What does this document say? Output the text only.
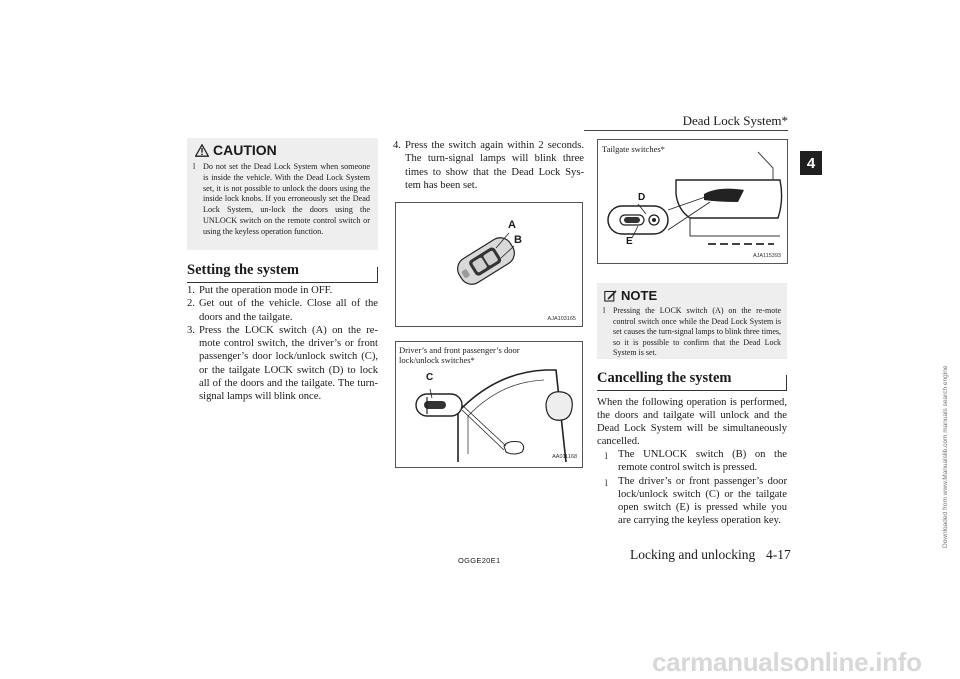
Dead Lock System*
4
CAUTION
l Do not set the Dead Lock System when someone is inside the vehicle. With the Dead Lock System set, it is not possible to unlock the doors using the inside lock knobs. If you erroneously set the Dead Lock System, un-lock the doors using the UNLOCK switch on the remote control switch or using the keyless operation function.
Setting the system
1. Put the operation mode in OFF.
2. Get out of the vehicle. Close all of the doors and the tailgate.
3. Press the LOCK switch (A) on the re-mote control switch, the driver’s or front passenger’s door lock/unlock switch (C), or the tailgate LOCK switch (D) to lock all of the doors and the tailgate. The turn-signal lamps will blink once.
4. Press the switch again within 2 seconds. The turn-signal lamps will blink three times to show that the Dead Lock Sys-tem has been set.
A
B
AJA103165
Driver’s and front passenger’s door lock/unlock switches*
C
AA011168
Tailgate switches*
D
E
AJA115393
NOTE
l Pressing the LOCK switch (A) on the re-mote control switch once while the Dead Lock System is set causes the turn-signal lamps to blink three times, so it is possible to confirm that the Dead Lock System is set.
Cancelling the system
When the following operation is performed, the doors and tailgate will unlock and the Dead Lock System will be simultaneously cancelled.
l The UNLOCK switch (B) on the remote control switch is pressed.
l The driver’s or front passenger’s door lock/unlock switch (C) or the tailgate open switch (E) is pressed while you are carrying the keyless operation key.
OGGE20E1	Locking and unlocking 4-17
carmanualsonline.info
Downloaded from www.Manualslib.com manuals search engine
